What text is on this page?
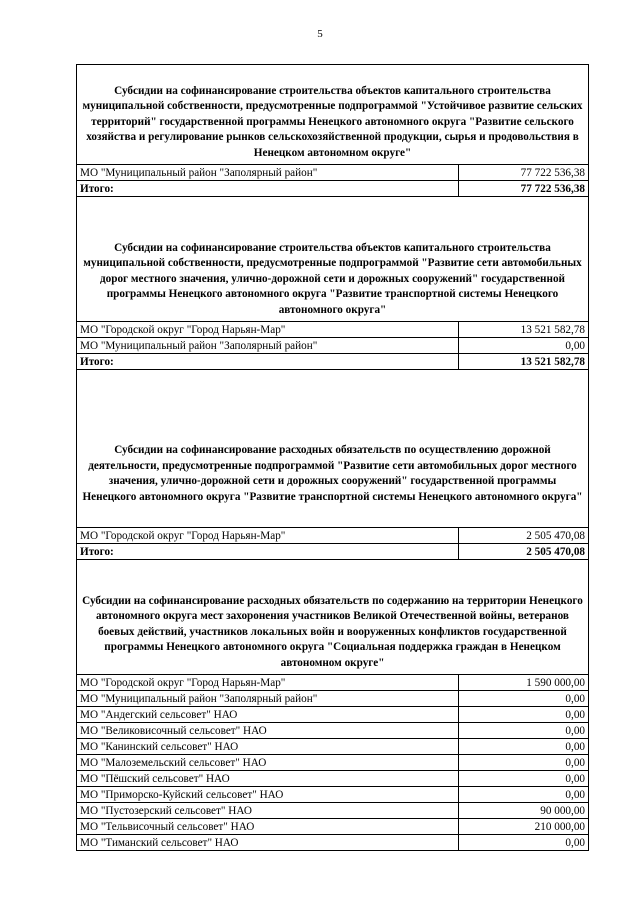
5

Субсидии на софинансирование строительства объектов капитального строительства муниципальной собственности, предусмотренные подпрограммой "Устойчивое развитие сельских территорий" государственной программы Ненецкого автономного округа "Развитие сельского хозяйства и регулирование рынков сельскохозяйственной продукции, сырья и продовольствия в Ненецком автономном округе"	
МО "Муниципальный район "Заполярный район"	77 722 536,38
Итого:	77 722 536,38
Субсидии на софинансирование строительства объектов капитального строительства муниципальной собственности, предусмотренные подпрограммой "Развитие сети автомобильных дорог местного значения, улично-дорожной сети и дорожных сооружений" государственной программы Ненецкого автономного округа "Развитие транспортной системы Ненецкого автономного округа"	
МО "Городской округ "Город Нарьян-Мар"	13 521 582,78
МО "Муниципальный район "Заполярный район"	0,00
Итого:	13 521 582,78
Субсидии на софинансирование расходных обязательств по осуществлению дорожной деятельности, предусмотренные подпрограммой "Развитие сети автомобильных дорог местного значения, улично-дорожной сети и дорожных сооружений" государственной программы Ненецкого автономного округа "Развитие транспортной системы Ненецкого автономного округа"	
МО "Городской округ "Город Нарьян-Мар"	2 505 470,08
Итого:	2 505 470,08
Субсидии на софинансирование расходных обязательств по содержанию на территории Ненецкого автономного округа мест захоронения участников Великой Отечественной войны, ветеранов боевых действий, участников локальных войн и вооруженных конфликтов государственной программы Ненецкого автономного округа "Социальная поддержка граждан в Ненецком автономном округе"	
МО "Городской округ "Город Нарьян-Мар"	1 590 000,00
МО "Муниципальный район "Заполярный район"	0,00
МО "Андегский сельсовет" НАО	0,00
МО "Великовисочный сельсовет" НАО	0,00
МО "Канинский сельсовет" НАО	0,00
МО "Малоземельский сельсовет" НАО	0,00
МО "Пёшский сельсовет" НАО	0,00
МО "Приморско-Куйский сельсовет" НАО	0,00
МО "Пустозерский сельсовет" НАО	90 000,00
МО "Тельвисочный сельсовет" НАО	210 000,00
МО "Тиманский сельсовет" НАО	0,00
